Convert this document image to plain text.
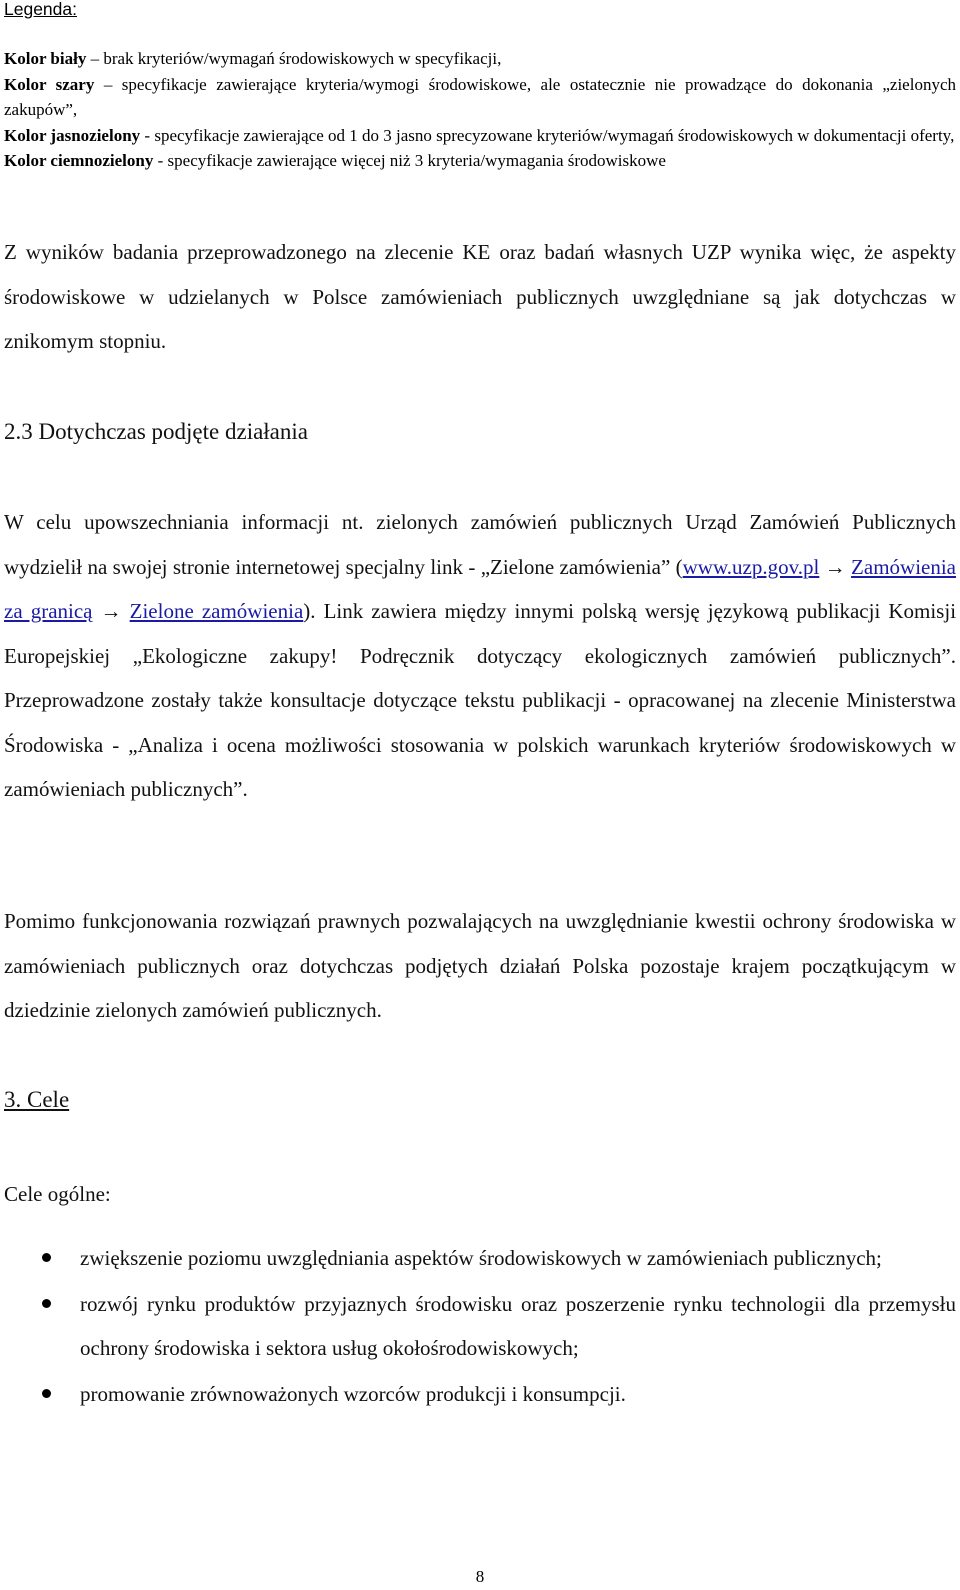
Legenda:

Kolor biały – brak kryteriów/wymagań środowiskowych w specyfikacji,

Kolor szary – specyfikacje zawierające kryteria/wymogi środowiskowe, ale ostatecznie nie prowadzące do dokonania „zielonych zakupów”,

Kolor jasnozielony - specyfikacje zawierające od 1 do 3 jasno sprecyzowane kryteriów/wymagań środowiskowych w dokumentacji oferty,

Kolor ciemnozielony - specyfikacje zawierające więcej niż 3 kryteria/wymagania środowiskowe

Z wyników badania przeprowadzonego na zlecenie KE oraz badań własnych UZP wynika więc, że aspekty środowiskowe w udzielanych w Polsce zamówieniach publicznych uwzględniane są jak dotychczas w znikomym stopniu.

2.3 Dotychczas podjęte działania

W celu upowszechniania informacji nt. zielonych zamówień publicznych Urząd Zamówień Publicznych wydzielił na swojej stronie internetowej specjalny link - „Zielone zamówienia” (www.uzp.gov.pl → Zamówienia za granicą → Zielone zamówienia). Link zawiera między innymi polską wersję językową publikacji Komisji Europejskiej „Ekologiczne zakupy! Podręcznik dotyczący ekologicznych zamówień publicznych”. Przeprowadzone zostały także konsultacje dotyczące tekstu publikacji - opracowanej na zlecenie Ministerstwa Środowiska - „Analiza i ocena możliwości stosowania w polskich warunkach kryteriów środowiskowych w zamówieniach publicznych”.

Pomimo funkcjonowania rozwiązań prawnych pozwalających na uwzględnianie kwestii ochrony środowiska w zamówieniach publicznych oraz dotychczas podjętych działań Polska pozostaje krajem początkującym w dziedzinie zielonych zamówień publicznych.

3. Cele

Cele ogólne:

zwiększenie poziomu uwzględniania aspektów środowiskowych w zamówieniach publicznych;
rozwój rynku produktów przyjaznych środowisku oraz poszerzenie rynku technologii dla przemysłu ochrony środowiska i sektora usług okołośrodowiskowych;
promowanie zrównoważonych wzorców produkcji i konsumpcji.
8
